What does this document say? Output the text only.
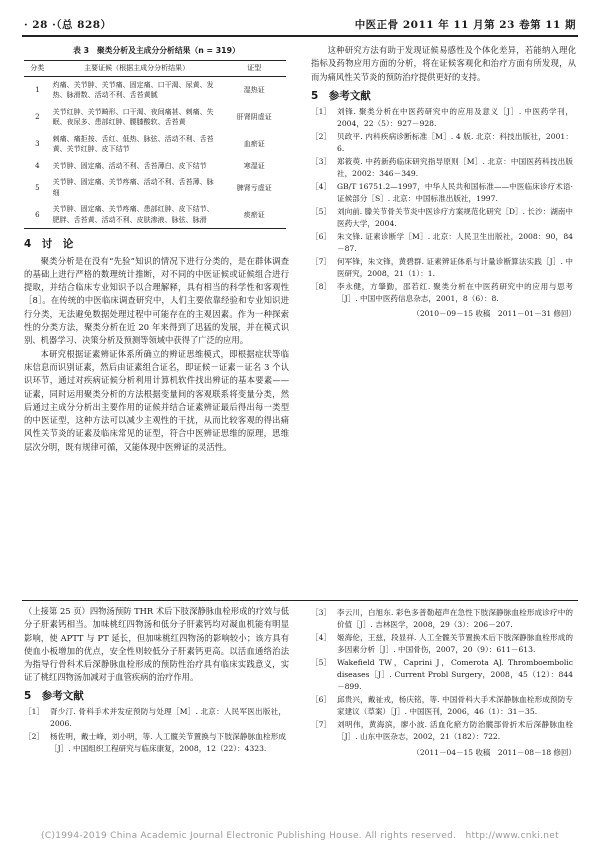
· 28 ·（总 828）	中医正骨 2011 年 11 月第 23 卷第 11 期
表 3　聚类分析及主成分分析结果（n = 319）
分类	主要证候（根据主成分分析结果）	证型
1	灼痛、关节肿、关节痛、固定痛、口干渴、尿黄、发热、脉滑数、活动不利、舌苔黄腻	湿热证
2	关节红肿、关节畸形、口干渴、夜间痛甚、刺痛、失眠、夜尿多、患部红肿、腰膝酸软、舌苔黄	肝肾阴虚证
3	刺痛、痛拒按、舌红、低热、脉弦、活动不利、舌苔黄、关节红肿、皮下结节	血瘀证
4	关节肿、固定痛、活动不利、舌苔薄白、皮下结节	寒湿证
5	关节肿、固定痛、关节疼痛、活动不利、舌苔薄、脉细	脾肾亏虚证
6	关节肿、固定痛、关节疼痛、患部红肿、皮下结节、肥胖、舌苔黄、活动不利、皮肤渗液、脉弦、脉滑	痰瘀证
4　讨　论

聚类分析是在没有“先验”知识的情况下进行分类的，是在群体调查的基础上进行严格的数理统计推断，对不同的中医证候或证候组合进行提取，并结合临床专业知识予以合理解释，具有相当的科学性和客观性［8］。在传统的中医临床调查研究中，人们主要依靠经验和专业知识进行分类，无法避免数据处理过程中可能存在的主观因素。作为一种探索性的分类方法，聚类分析在近 20 年来得到了迅猛的发展，并在模式识别、机器学习、决策分析及预测等领域中获得了广泛的应用。

本研究根据证素辨证体系所确立的辨证思维模式，即根据症状等临床信息而识别证素，然后由证素组合证名，即证候－证素－证名 3 个认识环节，通过对疾病证候分析利用计算机软件找出辨证的基本要素——证素，同时运用聚类分析的方法根据变量间的客观联系将变量分类，然后通过主成分分析出主要作用的证候并结合证素辨证最后得出每一类型的中医证型，这种方法可以减少主观性的干扰，从而比较客观的得出痛风性关节炎的证素及临床常见的证型，符合中医辨证思维的原理，思维层次分明，既有规律可循，又能体现中医辨证的灵活性。

这种研究方法有助于发现证候易感性及个体化差异，若能纳入理化指标及药物应用方面的分析，将在证候客观化和治疗方面有所发现，从而为痛风性关节炎的预防治疗提供更好的支持。

5　参考文献
［1］ 刘锋. 聚类分析在中医药研究中的应用及意义［J］. 中医药学刊，2004，22（5）：927－928.
［2］ 贝政平. 内科疾病诊断标准［M］. 4 版. 北京：科技出版社，2001：6.
［3］ 郑筱萸. 中药新药临床研究指导原则［M］. 北京：中国医药科技出版社，2002：346－349.
［4］ GB/T 16751.2—1997，中华人民共和国标准——中医临床诊疗术语·证候部分［S］. 北京：中国标准出版社，1997.
［5］ 刘向前. 滕关节骨关节炎中医诊疗方案规范化研究［D］. 长沙：湖南中医药大学，2004.
［6］ 朱文锋. 证素诊断学［M］. 北京：人民卫生出版社，2008：90，84－87.
［7］ 何军锋，朱文锋，黄碧群. 证素辨证体系与计量诊断算法实践［J］. 中医研究，2008，21（1）：1.
［8］ 李永健，方肇勤，邵若红. 聚类分析在中医药研究中的应用与思考［J］. 中国中医药信息杂志，2001，8（6）：8.
（2010－09－15 收稿　2011－01－31 修回）

（上接第 25 页）四物汤预防 THR 术后下肢深静脉血栓形成的疗效与低分子肝素钙相当。加味桃红四物汤和低分子肝素钙均对凝血机能有明显影响，使 APTT 与 PT 延长，但加味桃红四物汤的影响较小；该方具有使血小板增加的优点，安全性则较低分子肝素钙更高。以活血通络治法为指导行骨科术后深静脉血栓形成的预防性治疗具有临床实践意义，实证了桃红四物汤加减对于血管疾病的治疗作用。

5　参考文献
［1］ 胥少汀. 骨科手术并发症预防与处理［M］. 北京：人民军医出版社，2006.
［2］ 杨佐明，戴士峰，刘小明，等. 人工髋关节置换与下肢深静脉血栓形成［J］. 中国组织工程研究与临床康复，2008，12（22）：4323.
［3］ 李云川，白旭东. 彩色多普勒超声在急性下肢深静脉血栓形成诊疗中的价值［J］. 吉林医学，2008，29（3）：206－207.
［4］ 姬海伦，王兹，段显祥. 人工全髋关节置换术后下肢深静脉血栓形成的多因素分析［J］. 中国骨伤，2007，20（9）：611－613.
［5］ Wakefield TW，Caprini J，Comerota AJ. Thromboembolic diseases［J］. Current Probl Surgery，2008，45（12）：844－899.
［6］ 邱贵兴，戴祉戎，杨庆铭，等. 中国骨科大手术深静脉血栓形成预防专家建议（草案）［J］. 中国医刊，2006，46（1）：31－35.
［7］ 刘明伟，黄海滨，廖小波. 活血化瘀方防治髋部骨折术后深静脉血栓［J］. 山东中医杂志，2002，21（182）：722.
（2011－04－15 收稿　2011－08－18 修回）
(C)1994-2019 China Academic Journal Electronic Publishing House. All rights reserved.　http://www.cnki.net
